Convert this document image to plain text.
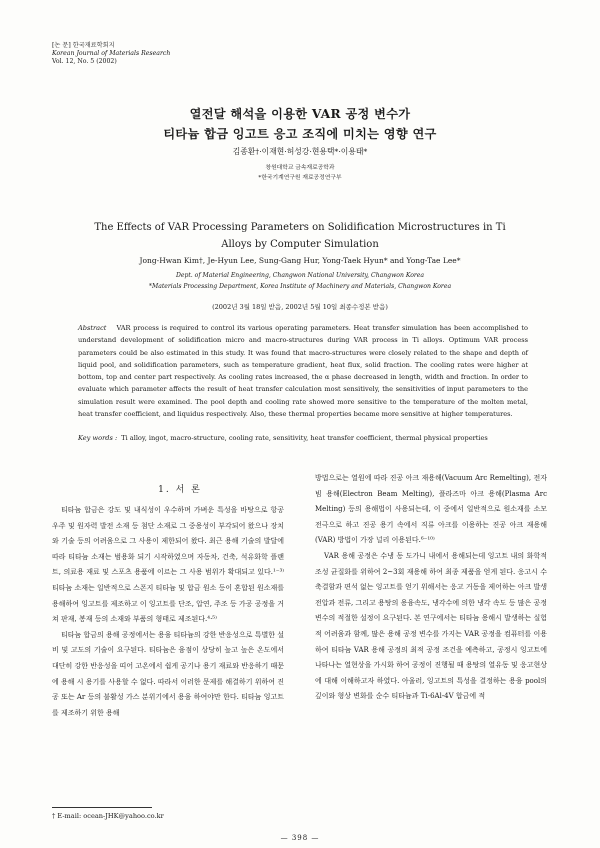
[논 문] 한국재료학회지
Korean Journal of Materials Research
Vol. 12, No. 5 (2002)
열전달 해석을 이용한 VAR 공정 변수가
티타늄 합금 잉고트 응고 조직에 미치는 영향 연구
김종환†·이재현·허성강·현용택*·이용태*
창원대학교 금속재료공학과
*한국기계연구원 재료공정연구부
The Effects of VAR Processing Parameters on Solidification Microstructures in Ti
Alloys by Computer Simulation
Jong-Hwan Kim†, Je-Hyun Lee, Sung-Gang Hur, Yong-Taek Hyun* and Yong-Tae Lee*
Dept. of Material Engineering, Changwon National University, Changwon Korea
*Materials Processing Department, Korea Institute of Machinery and Materials, Changwon Korea
(2002년 3월 18일 받음, 2002년 5월 10일 최종수정본 받음)
Abstract VAR process is required to control its various operating parameters. Heat transfer simulation has been accomplished to understand development of solidification micro and macro-structures during VAR process in Ti alloys. Optimum VAR process parameters could be also estimated in this study. It was found that macro-structures were closely related to the shape and depth of liquid pool, and solidification parameters, such as temperature gradient, heat flux, solid fraction. The cooling rates were higher at bottom, top and center part respectively. As cooling rates increased, the α phase decreased in length, width and fraction. In order to evaluate which parameter affects the result of heat transfer calculation most sensitively, the sensitivities of input parameters to the simulation result were examined. The pool depth and cooling rate showed more sensitive to the temperature of the molten metal, heat transfer coefficient, and liquidus respectively. Also, these thermal properties became more sensitive at higher temperatures.
Key words : Ti alloy, ingot, macro-structure, cooling rate, sensitivity, heat transfer coefficient, thermal physical properties
1. 서 론

티타늄 합금은 강도 및 내식성이 우수하며 가벼운 특성을 바탕으로 항공 우주 및 원자력 발전 소재 등 첨단 소재로 그 중용성이 부각되어 왔으나 장치와 기술 등의 어려움으로 그 사용이 제한되어 왔다. 최근 용해 기술의 발달에 따라 티타늄 소재는 범용화 되기 시작하였으며 자동차, 건축, 석유화학 플랜트, 의료용 재료 및 스포츠 용품에 이르는 그 사용 범위가 확대되고 있다.¹⁻³⁾ 티타늄 소재는 일반적으로 스폰지 티타늄 및 합금 원소 등이 혼합된 원소재를 용해하여 잉고트를 제조하고 이 잉고트를 단조, 압연, 주조 등 가공 공정을 거쳐 판재, 봉재 등의 소재와 부품의 형태로 제조된다.⁴·⁵⁾

티타늄 합금의 용해 공정에서는 용융 티타늄의 강한 반응성으로 특별한 설비 및 고도의 기술이 요구된다. 티타늄은 융점이 상당히 높고 높은 온도에서 대단히 강한 반응성을 띠어 고온에서 쉽게 공기나 용기 재료와 반응하기 때문에 용해 시 용기를 사용할 수 없다. 따라서 이러한 문제를 해결하기 위하여 진공 또는 Ar 등의 불활성 가스 분위기에서 용융 하여야만 한다. 티타늄 잉고트를 제조하기 위한 용해

방법으로는 열원에 따라 진공 아크 재용해(Vacuum Arc Remelting), 전자빔 용해(Electron Beam Melting), 플라즈마 아크 용해(Plasma Arc Melting) 등의 용해법이 사용되는데, 이 중에서 일반적으로 원소재를 소모전극으로 하고 진공 용기 속에서 직류 아크를 이용하는 진공 아크 재용해(VAR) 방법이 가장 널리 이용된다.⁶⁻¹⁰⁾

VAR 용해 공정은 수냉 동 도가니 내에서 용해되는데 잉고트 내의 화학적 조성 균질화를 위하여 2~3회 재용해 하여 최종 제품을 얻게 된다. 응고시 수축결함과 편석 없는 잉고트를 얻기 위해서는 응고 거동을 제어하는 아크 발생 전압과 전류, 그리고 용탕의 용융속도, 냉각수에 의한 냉각 속도 등 많은 공정 변수의 적절한 설정이 요구된다. 본 연구에서는 티타늄 용해시 발생하는 실험적 어려움과 함께, 많은 용해 공정 변수를 가지는 VAR 공정을 컴퓨터를 이용하여 티타늄 VAR 용해 공정의 최적 공정 조건을 예측하고, 공정시 잉고트에 나타나는 열현상을 가시화 하여 공정이 진행될 때 용탕의 열유동 및 응고현상에 대해 이해하고자 하였다. 아울러, 잉고트의 특성을 결정하는 용융 pool의 깊이와 형상 변화를 순수 티타늄과 Ti-6Al-4V 합금에 적

† E-mail: ocean-JHK@yahoo.co.kr
— 398 —
